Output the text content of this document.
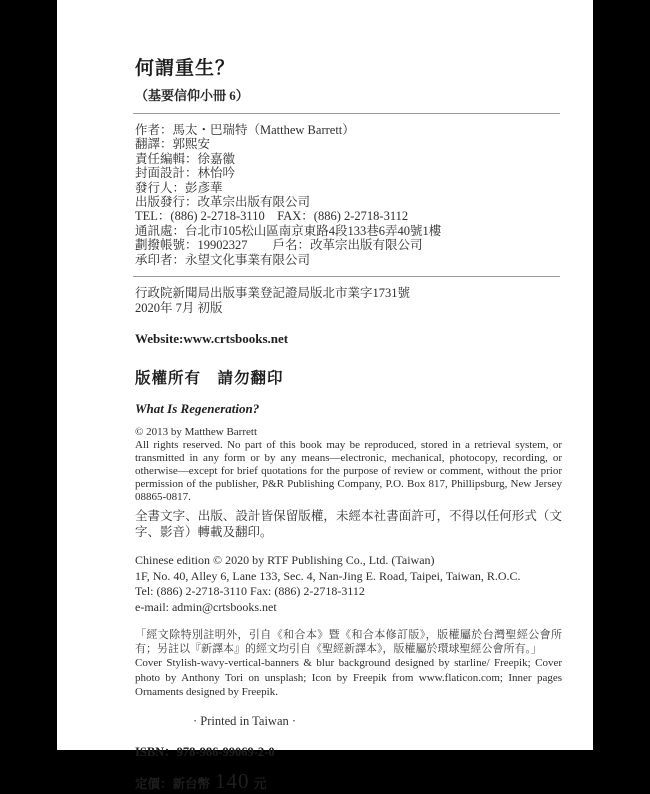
何謂重生？
（基要信仰小冊 6）
作者：馬太・巴瑞特（Matthew Barrett）
翻譯：郭熙安
責任編輯：徐嘉徽
封面設計：林怡吟
發行人：彭彥華
出版發行：改革宗出版有限公司
TEL：(886) 2-2718-3110　FAX：(886) 2-2718-3112
通訊處：台北市105松山區南京東路4段133巷6弄40號1樓
劃撥帳號：19902327　　戶名：改革宗出版有限公司
承印者：永望文化事業有限公司
行政院新聞局出版事業登記證局版北市業字1731號
2020年 7月 初版
Website:www.crtsbooks.net
版權所有　請勿翻印
What Is Regeneration?
© 2013 by Matthew Barrett
All rights reserved. No part of this book may be reproduced, stored in a retrieval system, or transmitted in any form or by any means—electronic, mechanical, photocopy, recording, or otherwise—except for brief quotations for the purpose of review or comment, without the prior permission of the publisher, P&R Publishing Company, P.O. Box 817, Phillipsburg, New Jersey 08865-0817.
全書文字、出版、設計皆保留版權，未經本社書面許可，不得以任何形式（文字、影音）轉載及翻印。
Chinese edition © 2020 by RTF Publishing Co., Ltd. (Taiwan)
1F, No. 40, Alley 6, Lane 133, Sec. 4, Nan-Jing E. Road, Taipei, Taiwan, R.O.C.
Tel: (886) 2-2718-3110 Fax: (886) 2-2718-3112
e-mail: admin@crtsbooks.net
「經文除特別註明外，引自《和合本》暨《和合本修訂版》，版權屬於台灣聖經公會所有；另註以『新譯本』的經文均引自《聖經新譯本》，版權屬於環球聖經公會所有。」
Cover Stylish-wavy-vertical-banners & blur background designed by starline/ Freepik; Cover photo by Anthony Tori on unsplash; Icon by Freepik from www.flaticon.com; Inner pages Ornaments designed by Freepik.
· Printed in Taiwan ·
ISBN：978-986-99069-2-0
定價：新台幣 140 元
